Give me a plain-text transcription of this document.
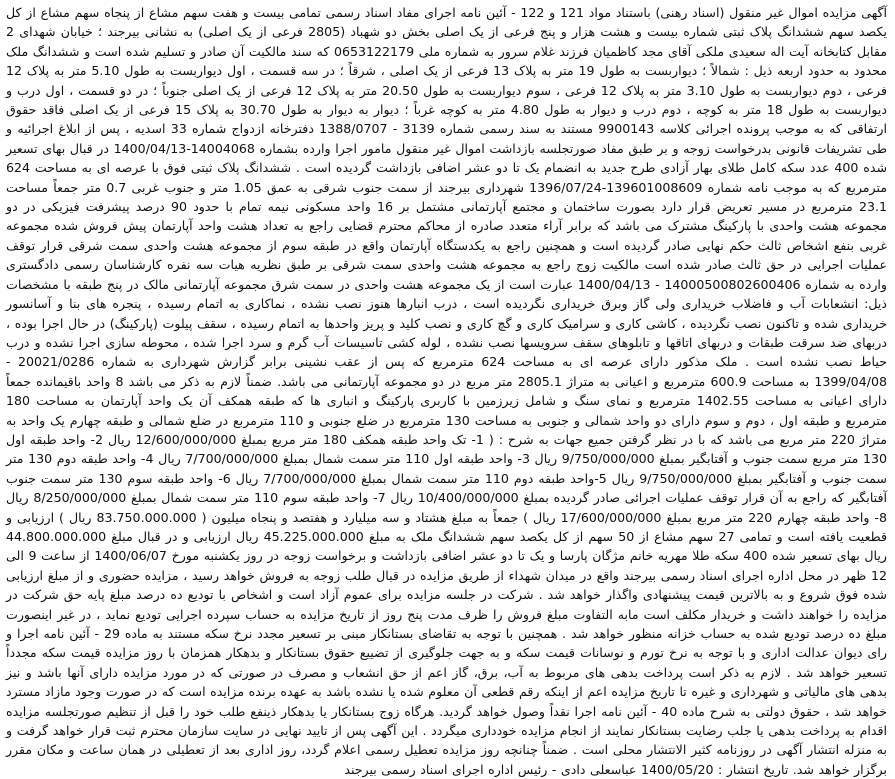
آگهی مزایده اموال غیر منقول (اسناد رهنی) باستناد مواد 121 و 122 - آئین نامه اجرای مفاد اسناد رسمی تمامی بیست و هفت سهم مشاع از پنجاه سهم مشاع از کل یکصد سهم ششدانگ پلاک ثبتی شماره بیست و هشت هزار و پنج فرعی از یک اصلی بخش دو شهباد (2805 فرعی از یک اصلی) به نشانی بیرجند ؛ خیابان شهدای 2 مقابل کتابخانه آیت اله سعیدی ملکی آقای مجد کاظمیان فرزند غلام سرور به شماره ملی 0653122179 که سند مالکیت آن صادر و تسلیم شده است و ششدانگ ملک محدود به حدود اربعه ذیل : شمالاً ؛ دیواربست به طول 19 متر به پلاک 13 فرعی از یک اصلی ، شرقاً ؛ در سه قسمت ، اول دیواربست به طول 5.10 متر به پلاک 12 فرعی ، دوم دیواربست به طول 3.10 متر به پلاک 12 فرعی ، سوم دیواربست به طول 20.50 متر به پلاک 12 فرعی از یک اصلی جنوباً ؛ در دو قسمت ، اول درب و دیواربست به طول 18 متر به کوچه ، دوم درب و دیوار به طول 4.80 متر به کوچه غرباً ؛ دیوار به دیوار به طول 30.70 به پلاک 15 فرعی از یک اصلی فاقد حقوق ارتفاقی که به موجب پرونده اجرائی کلاسه 9900143 مستند به سند رسمی شماره 3139 - 1388/0707 دفترخانه ازدواج شماره 33 اسدیه ، پس از ابلاغ اجرائیه و طی تشریفات قانونی بدرخواست زوجه و بر طبق مفاد صورتجلسه بازداشت اموال غیر منقول مامور اجرا وارده بشماره 14004068-1400/04/13 در قبال بهای تسعیر شده 400 عدد سکه کامل طلای بهار آزادی طرح جدید به انضمام یک تا دو عشر اضافی بازداشت گردیده است . ششدانگ پلاک ثبتی فوق با عرصه ای به مساحت 624 مترمربع که به موجب نامه شماره 139601008609-1396/07/24 شهرداری بیرجند از سمت جنوب شرقی به عمق 1.05 متر و جنوب غربی 0.7 متر جمعاً مساحت 23.1 مترمربع در مسیر تعریض قرار دارد بصورت ساختمان و مجتمع آپارتمانی مشتمل بر 16 واحد مسکونی نیمه تمام با حدود 90 درصد پیشرفت فیزیکی در دو مجموعه هشت واحدی با پارکینگ مشترک می باشد که برابر آراء متعدد صادره از محاکم محترم قضایی راجع به تعداد هشت واحد آپارتمان پیش فروش شده مجموعه غربی بنفع اشخاص ثالث حکم نهایی صادر گردیده است و همچنین راجع به یکدستگاه آپارتمان واقع در طبقه سوم از مجموعه هشت واحدی سمت شرقی قرار توقف عملیات اجرایی در حق ثالث صادر شده است مالکیت زوج راجع به مجموعه هشت واحدی سمت شرقی بر طبق نظریه هیات سه نفره کارشناسان رسمی دادگستری وارده به شماره 14000500802600406 - 1400/04/13 عبارت است از یک مجموعه هشت واحدی در سمت شرق مجموعه آپارتمانی مالک در پنج طبقه با مشخصات ذیل: انشعابات آب و فاضلاب خریداری ولی گاز وبرق خریداری نگردیده است ، درب انبارها هنوز نصب نشده ، نماکاری به اتمام رسیده ، پنجره های بنا و آسانسور خریداری شده و تاکنون نصب نگردیده ، کاشی کاری و سرامیک کاری و گچ کاری و نصب کلید و پریز واحدها به اتمام رسیده ، سقف پیلوت (پارکینگ) در حال اجرا بوده ، دربهای ضد سرقت طبقات و دربهای اتاقها و تابلوهای سقف سرویسها نصب نشده ، لوله کشی تاسیسات آب گرم و سرد اجرا شده ، محوطه سازی اجرا نشده و درب حیاط نصب نشده است . ملک مذکور دارای عرصه ای به مساحت 624 مترمربع که پس از عقب نشینی برابر گزارش شهرداری به شماره 20021/0286 - 1399/04/08 به مساحت 600.9 مترمربع و اعیانی به متراژ 2805.1 متر مربع در دو مجموعه آپارتمانی می باشد. ضمناً لازم به ذکر می باشد 8 واحد باقیمانده جمعاً دارای اعیانی به مساحت 1402.55 مترمربع و نمای سنگ و شامل زیرزمین با کاربری پارکینگ و انباری ها که طبقه همکف آن یک واحد آپارتمان به مساحت 180 مترمربع و طبقه اول ، دوم و سوم دارای دو واحد شمالی و جنوبی به مساحت 130 مترمربع در ضلع جنوبی و 110 مترمربع در ضلع شمالی و طبقه چهارم یک واحد به متراژ 220 متر مربع می باشد که با در نظر گرفتن جمیع جهات به شرح : ( 1- تک واحد طبقه همکف 180 متر مربع بمبلغ 12/600/000/000 ریال 2- واحد طبقه اول 130 متر مربع سمت جنوب و آفتابگیر بمبلغ 9/750/000/000 ریال 3- واحد طبقه اول 110 متر سمت شمال بمبلغ 7/700/000/000 ریال 4- واحد طبقه دوم 130 متر سمت جنوب و آفتابگیر بمبلغ 9/750/000/000 ریال 5-واحد طبقه دوم 110 متر سمت شمال بمبلغ 7/700/000/000 ریال 6- واحد طبقه سوم 130 متر سمت جنوب آفتابگیر که راجع به آن قرار توقف عملیات اجرائی صادر گردیده بمبلغ 10/400/000/000 ریال 7- واحد طبقه سوم 110 متر سمت شمال بمبلغ 8/250/000/000 ریال 8- واحد طبقه چهارم 220 متر مربع بمبلغ 17/600/000/000 ریال ) جمعاً به مبلغ هشتاد و سه میلیارد و هفتصد و پنجاه میلیون ( 83.750.000.000 ریال ) ارزیابی و قطعیت یافته است و تمامی 27 سهم مشاع از 50 سهم از کل یکصد سهم ششدانگ ملک به مبلغ 45.225.000.000 ریال ارزیابی و در قبال مبلغ 44.800.000.000 ریال بهای تسعیر شده 400 سکه طلا مهریه خانم مژگان پارسا و یک تا دو عشر اضافی بازداشت و برخواست زوجه در روز یکشنبه مورخ 1400/06/07 از ساعت 9 الی 12 ظهر در محل اداره اجرای اسناد رسمی بیرجند واقع در میدان شهداء از طریق مزایده در قبال طلب زوجه به فروش خواهد رسید ، مزایده حضوری و از مبلغ ارزیابی شده فوق شروع و به بالاترین قیمت پیشنهادی واگذار خواهد شد . شرکت در جلسه مزایده برای عموم آزاد است و اشخاص با تودیع ده درصد مبلغ پایه حق شرکت در مزایده را خواهند داشت و خریدار مکلف است مابه التفاوت مبلغ فروش را ظرف مدت پنج روز از تاریخ مزایده به حساب سپرده اجرایی تودیع نماید ، در غیر اینصورت مبلغ ده درصد تودیع شده به حساب خزانه منظور خواهد شد . همچنین با توجه به تقاضای بستانکار مبنی بر تسعیر مجدد نرخ سکه مستند به ماده 29 - آئین نامه اجرا و رای دیوان عدالت اداری و با توجه به نرخ تورم و نوسانات قیمت سکه و به جهت جلوگیری از تضییع حقوق بستانکار و بدهکار همزمان با روز مزایده قیمت سکه مجدداً تسعیر خواهد شد . لازم به ذکر است پرداخت بدهی های مربوط به آب، برق، گاز اعم از حق انشعاب و مصرف در صورتی که در مورد مزایده دارای آنها باشد و نیز بدهی های مالیاتی و شهرداری و غیره تا تاریخ مزایده اعم از اینکه رقم قطعی آن معلوم شده یا نشده باشد به عهده برنده مزایده است که در صورت وجود مازاد مسترد خواهد شد ، حقوق دولتی به شرح ماده 40 - آئین نامه اجرا نقداً وصول خواهد گردید. هرگاه زوج بستانکار یا بدهکار ذینفع طلب خود را قبل از تنظیم صورتجلسه مزایده اقدام به پرداخت بدهی یا جلب رضایت بستانکار نمایند از انجام مزایده خودداری میگردد . این آگهی پس از تایید نهایی در سایت سازمان محترم ثبت قرار خواهد گرفت و به منزله انتشار آگهی در روزنامه کثیر الانتشار محلی است . ضمناً چنانچه روز مزایده تعطیل رسمی اعلام گردد، روز اداری بعد از تعطیلی در همان ساعت و مکان مقرر برگزار خواهد شد. تاریخ انتشار : 1400/05/20 عباسعلی دادی - رئیس اداره اجرای اسناد رسمی بیرجند
